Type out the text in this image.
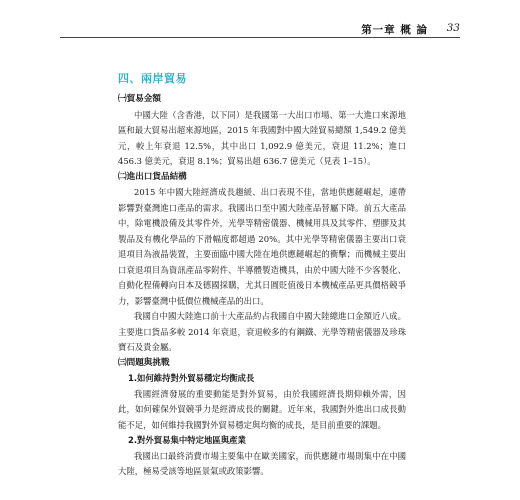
第一章 概 論 33
四、兩岸貿易
㈠貿易金額

中國大陸（含香港，以下同）是我國第一大出口市場、第一大進口來源地區和最大貿易出超來源地區，2015 年我國對中國大陸貿易總額 1,549.2 億美元，較上年衰退 12.5%，其中出口 1,092.9 億美元，衰退 11.2%；進口 456.3 億美元，衰退 8.1%；貿易出超 636.7 億美元（見表 1–15）。

㈡進出口貨品結構

2015 年中國大陸經濟成長趨緩、出口表現不佳，當地供應鏈崛起，連帶影響對臺灣進口產品的需求。我國出口至中國大陸產品替屬下降。前五大產品中，除電機設備及其零件外，光學等精密儀器、機械用具及其零件、塑膠及其製品及有機化學品的下滑幅度都超過 20%。其中光學等精密儀器主要出口衰退項目為液晶裝置，主要面臨中國大陸在地供應鏈崛起的衝擊；而機械主要出口衰退項目為資訊產品零附件、半導體製造機具，由於中國大陸不少客製化、自動化程備轉向日本及德國採購，尤其日圓貶值後日本機械產品更具價格競爭力，影響臺灣中低價位機械產品的出口。

我國自中國大陸進口前十大產品約占我國自中國大陸總進口金額近八成。主要進口貨品多較 2014 年衰退，衰退較多的有鋼鐵、光學等精密儀器及珍珠寶石及貴金屬。

㈢問題與挑戰
1.如何維持對外貿易穩定均衡成長

我國經濟發展的重要動能是對外貿易，由於我國經濟長期仰賴外需，因此，如何確保外貿競爭力是經濟成長的關鍵。近年來，我國對外進出口成長動能不足，如何維持我國對外貿易穩定與均衡的成長，是目前重要的課題。

2.對外貿易集中特定地區與產業

我國出口最終消費市場主要集中在歐美國家，而供應鏈市場則集中在中國大陸，極易受該等地區景氣或政策影響。
